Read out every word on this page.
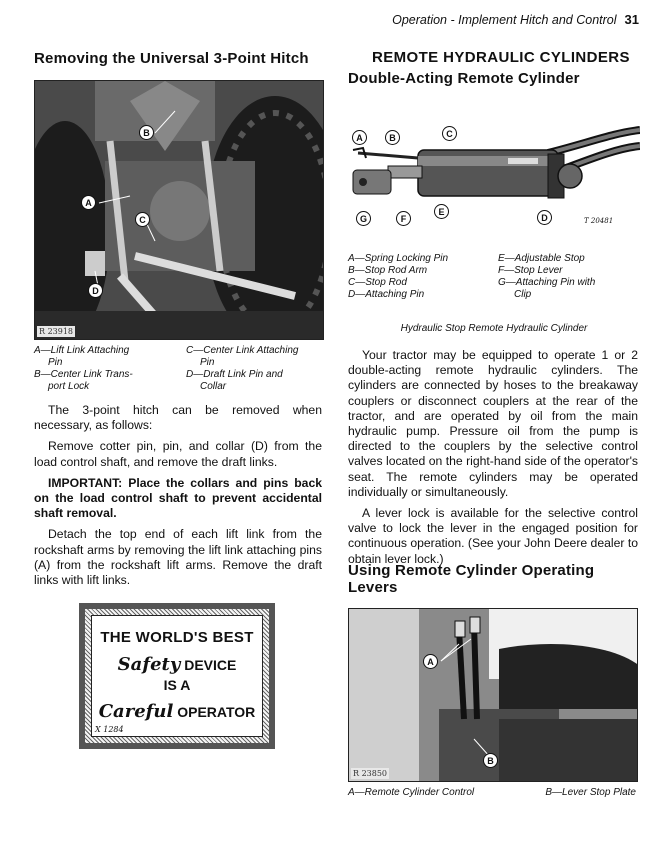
Operation - Implement Hitch and Control 31
Removing the Universal 3-Point Hitch
B
A
C
D
R 23918
A—Lift Link Attaching
Pin
B—Center Link Trans-
port Lock
C—Center Link Attaching
Pin
D—Draft Link Pin and
Collar

The 3-point hitch can be removed when necessary, as follows:

Remove cotter pin, pin, and collar (D) from the load control shaft, and remove the draft links.

IMPORTANT: Place the collars and pins back on the load control shaft to prevent accidental shaft removal.

Detach the top end of each lift link from the rockshaft arms by removing the lift link attaching pins (A) from the rockshaft lift arms. Remove the draft links with lift links.

THE WORLD'S BEST
Safety DEVICE
IS A
Careful OPERATOR
X 1284
REMOTE HYDRAULIC CYLINDERS
Double-Acting Remote Cylinder
A	B	C
G	F
E
D	T 20481
A—Spring Locking Pin
B—Stop Rod Arm
C—Stop Rod
D—Attaching Pin
E—Adjustable Stop
F—Stop Lever
G—Attaching Pin with
Clip
Hydraulic Stop Remote Hydraulic Cylinder

Your tractor may be equipped to operate 1 or 2 double-acting remote hydraulic cylinders. The cylinders are connected by hoses to the breakaway couplers or disconnect couplers at the rear of the tractor, and are operated by oil from the main hydraulic pump. Pressure oil from the pump is directed to the couplers by the selective control valves located on the right-hand side of the operator's seat. The remote cylinders may be operated individually or simultaneously.

A lever lock is available for the selective control valve to lock the lever in the engaged position for continuous operation. (See your John Deere dealer to obtain lever lock.)

Using Remote Cylinder Operating Levers
A
B
R 23850
A—Remote Cylinder Control	B—Lever Stop Plate
